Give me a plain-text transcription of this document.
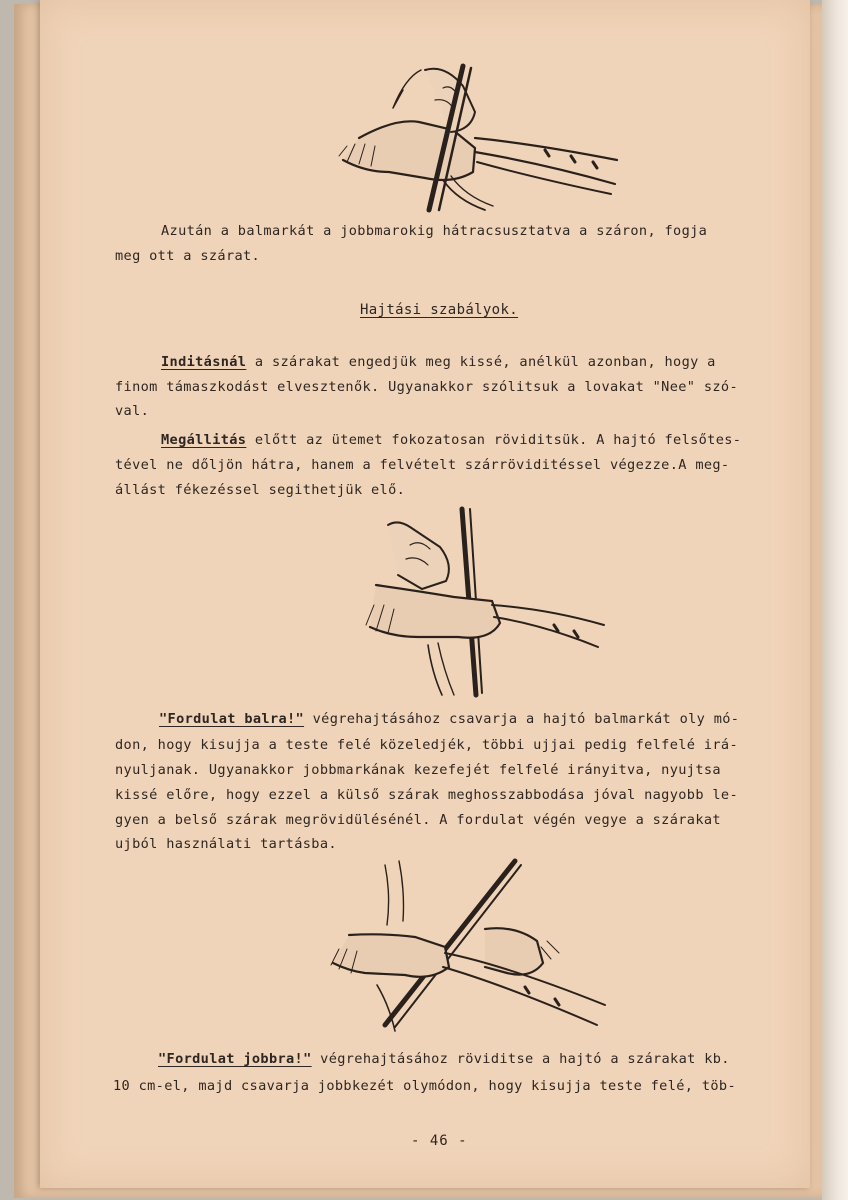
Azután a balmarkát a jobbmarokig hátracsusztatva a száron, fogja
meg ott a szárat.
Hajtási szabályok.
Inditásnál a szárakat engedjük meg kissé, anélkül azonban, hogy a
finom támaszkodást elvesztenők. Ugyanakkor szólitsuk a lovakat "Nee" szó-
val.
Megállitás előtt az ütemet fokozatosan röviditsük. A hajtó felsőtes-
tével ne dőljön hátra, hanem a felvételt szárröviditéssel végezze.A meg-
állást fékezéssel segithetjük elő.
"Fordulat balra!" végrehajtásához csavarja a hajtó balmarkát oly mó-
don, hogy kisujja a teste felé közeledjék, többi ujjai pedig felfelé irá-
nyuljanak. Ugyanakkor jobbmarkának kezefejét felfelé irányitva, nyujtsa
kissé előre, hogy ezzel a külső szárak meghosszabbodása jóval nagyobb le-
gyen a belső szárak megrövidülésénél. A fordulat végén vegye a szárakat
ujból használati tartásba.
"Fordulat jobbra!" végrehajtásához röviditse a hajtó a szárakat kb.
10 cm-el, majd csavarja jobbkezét olymódon, hogy kisujja teste felé, töb-
- 46 -
